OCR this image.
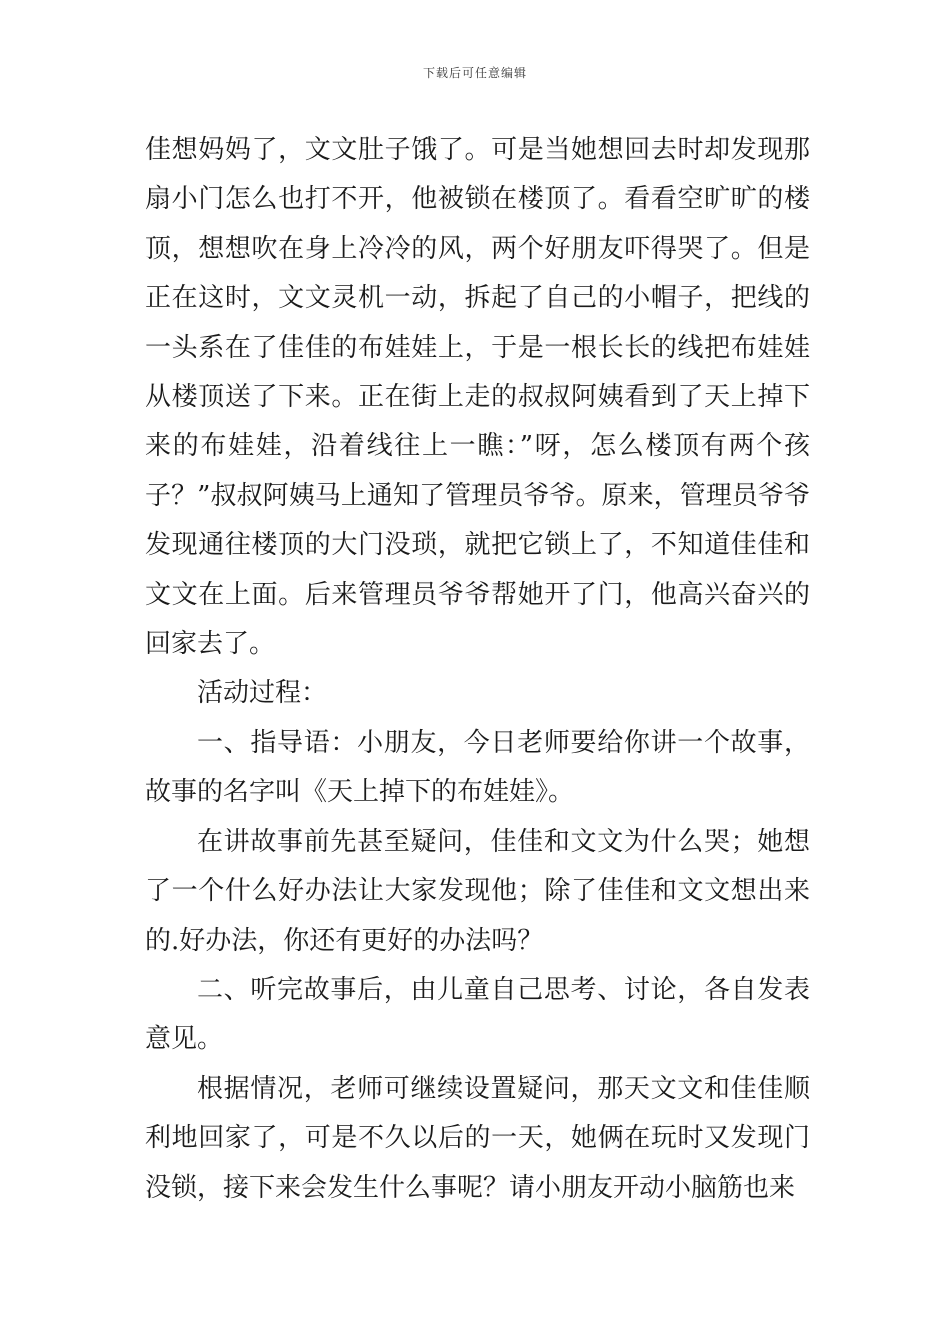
下载后可任意编辑

佳想妈妈了，文文肚子饿了。可是当她想回去时却发现那扇小门怎么也打不开，他被锁在楼顶了。看看空旷旷的楼顶，想想吹在身上冷冷的风，两个好朋友吓得哭了。但是正在这时，文文灵机一动，拆起了自己的小帽子，把线的一头系在了佳佳的布娃娃上，于是一根长长的线把布娃娃从楼顶送了下来。正在街上走的叔叔阿姨看到了天上掉下来的布娃娃，沿着线往上一瞧：”呀，怎么楼顶有两个孩子？”叔叔阿姨马上通知了管理员爷爷。原来，管理员爷爷发现通往楼顶的大门没琐，就把它锁上了，不知道佳佳和文文在上面。后来管理员爷爷帮她开了门，他高兴奋兴的回家去了。

活动过程：

一、指导语：小朋友，今日老师要给你讲一个故事，故事的名字叫《天上掉下的布娃娃》。

在讲故事前先甚至疑问，佳佳和文文为什么哭；她想了一个什么好办法让大家发现他；除了佳佳和文文想出来的.好办法，你还有更好的办法吗？

二、听完故事后，由儿童自己思考、讨论，各自发表意见。

根据情况，老师可继续设置疑问，那天文文和佳佳顺利地回家了，可是不久以后的一天，她俩在玩时又发现门没锁，接下来会发生什么事呢？请小朋友开动小脑筋也来
